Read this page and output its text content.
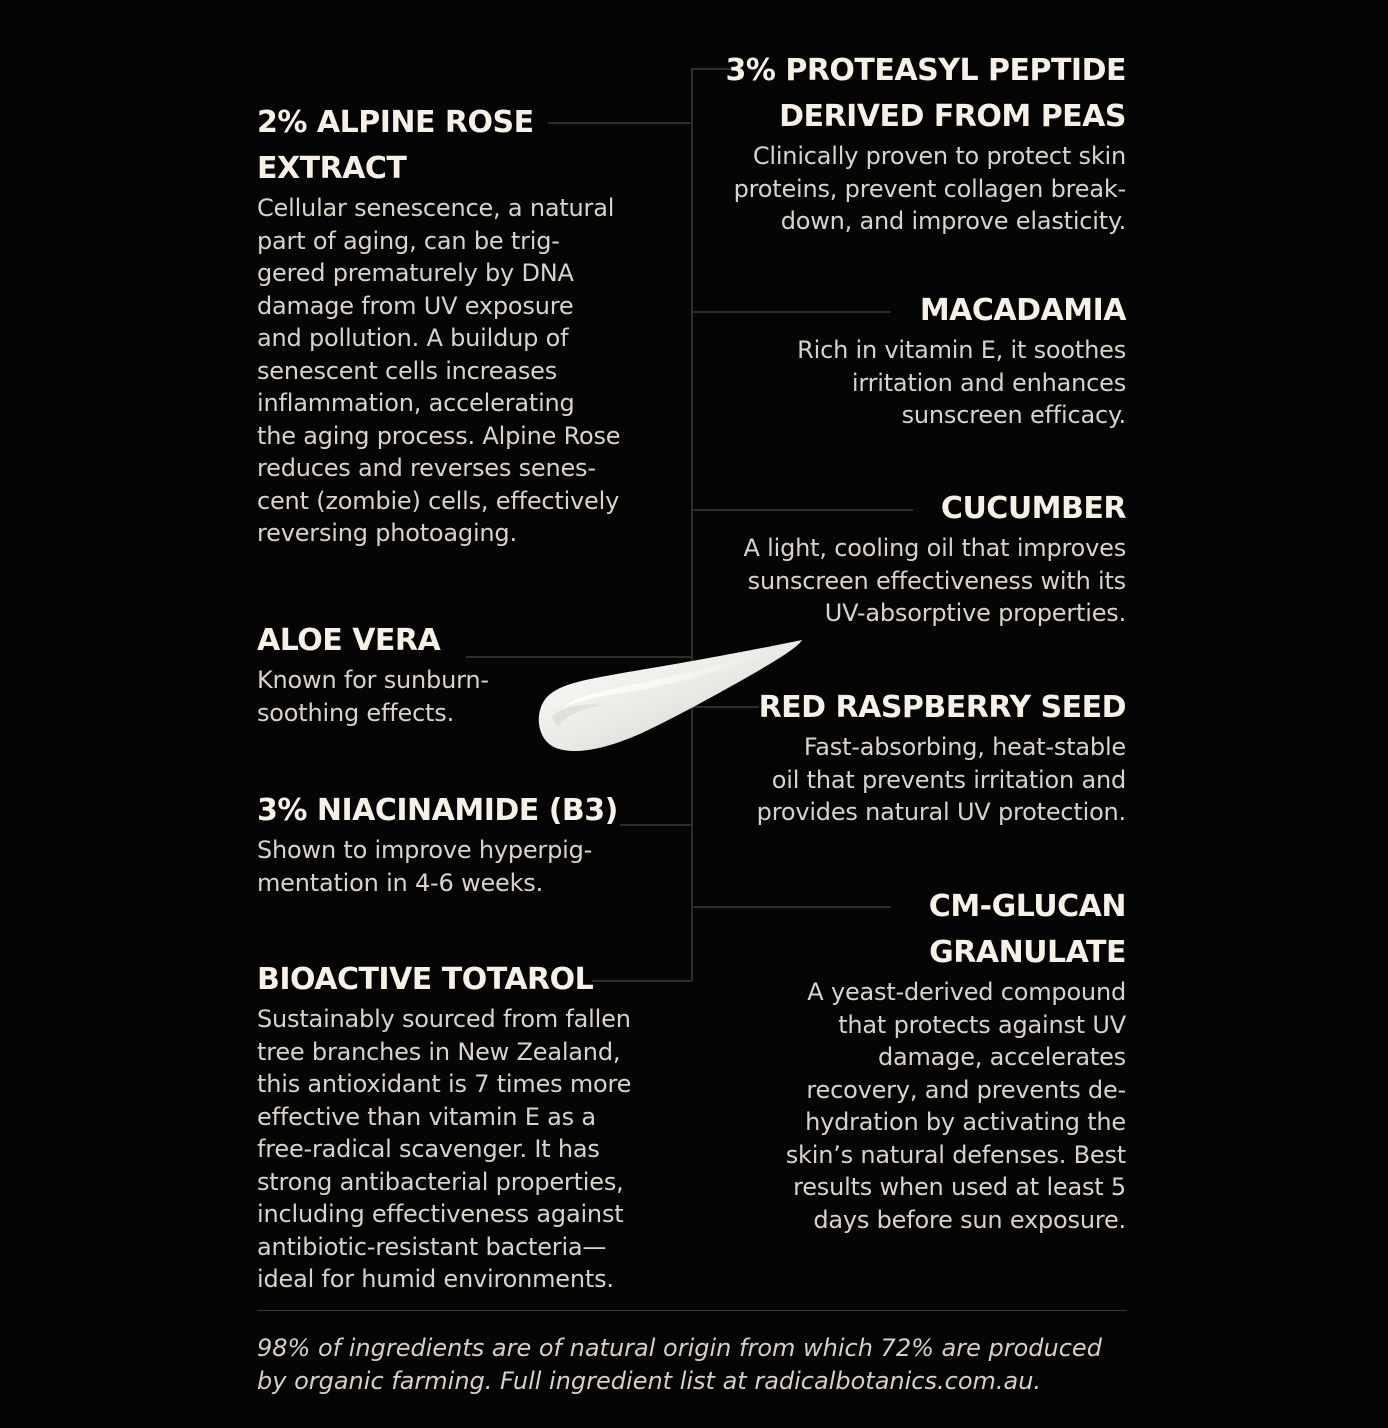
2% ALPINE ROSE
EXTRACT

Cellular senescence, a natural
part of aging, can be trig-
gered prematurely by DNA
damage from UV exposure
and pollution. A buildup of
senescent cells increases
inflammation, accelerating
the aging process. Alpine Rose
reduces and reverses senes-
cent (zombie) cells, effectively
reversing photoaging.

ALOE VERA

Known for sunburn-
soothing effects.

3% NIACINAMIDE (B3)

Shown to improve hyperpig-
mentation in 4-6 weeks.

BIOACTIVE TOTAROL

Sustainably sourced from fallen
tree branches in New Zealand,
this antioxidant is 7 times more
effective than vitamin E as a
free-radical scavenger. It has
strong antibacterial properties,
including effectiveness against
antibiotic-resistant bacteria—
ideal for humid environments.

3% PROTEASYL PEPTIDE
DERIVED FROM PEAS

Clinically proven to protect skin
proteins, prevent collagen break-
down, and improve elasticity.

MACADAMIA

Rich in vitamin E, it soothes
irritation and enhances
sunscreen efficacy.

CUCUMBER

A light, cooling oil that improves
sunscreen effectiveness with its
UV-absorptive properties.

RED RASPBERRY SEED

Fast-absorbing, heat-stable
oil that prevents irritation and
provides natural UV protection.

CM-GLUCAN
GRANULATE

A yeast-derived compound
that protects against UV
damage, accelerates
recovery, and prevents de-
hydration by activating the
skin’s natural defenses. Best
results when used at least 5
days before sun exposure.

98% of ingredients are of natural origin from which 72% are produced
by organic farming. Full ingredient list at radicalbotanics.com.au.
